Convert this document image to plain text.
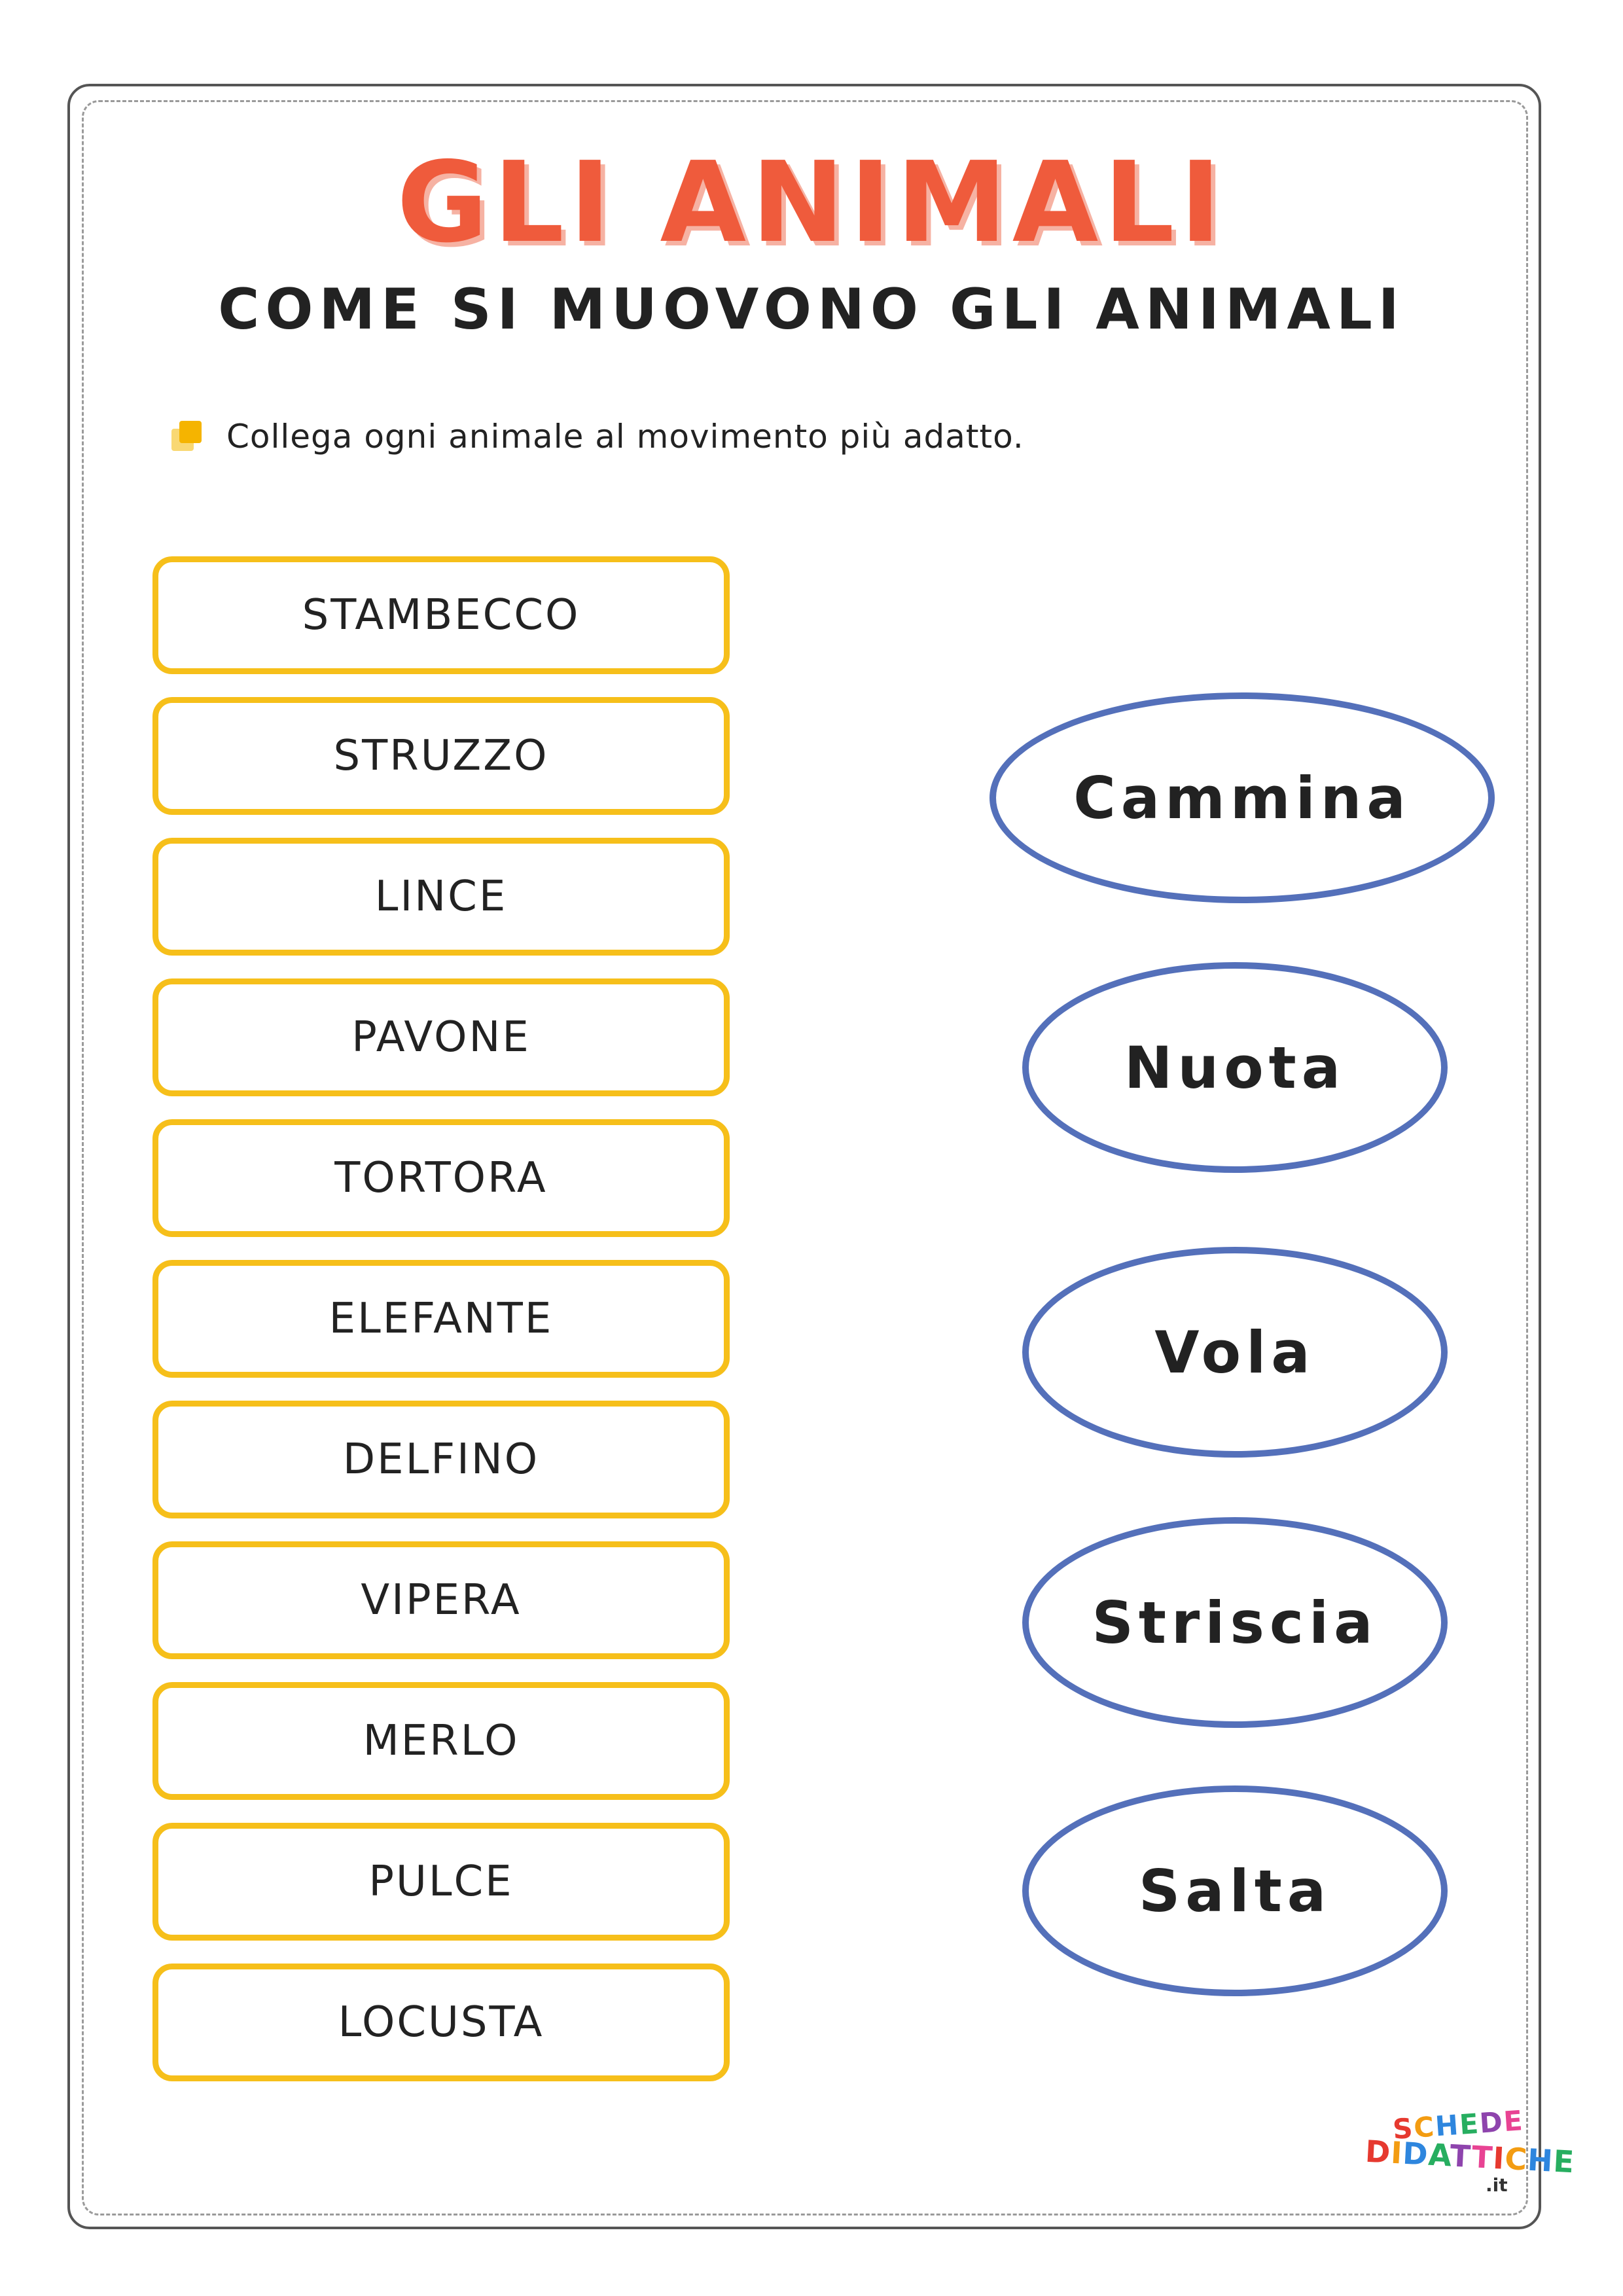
GLI ANIMALI
COME SI MUOVONO GLI ANIMALI
Collega ogni animale al movimento più adatto.
STAMBECCO
STRUZZO
LINCE
PAVONE
TORTORA
ELEFANTE
DELFINO
VIPERA
MERLO
PULCE
LOCUSTA
Cammina
Nuota
Vola
Striscia
Salta
SCHEDE
DIDATTICHE
.it
